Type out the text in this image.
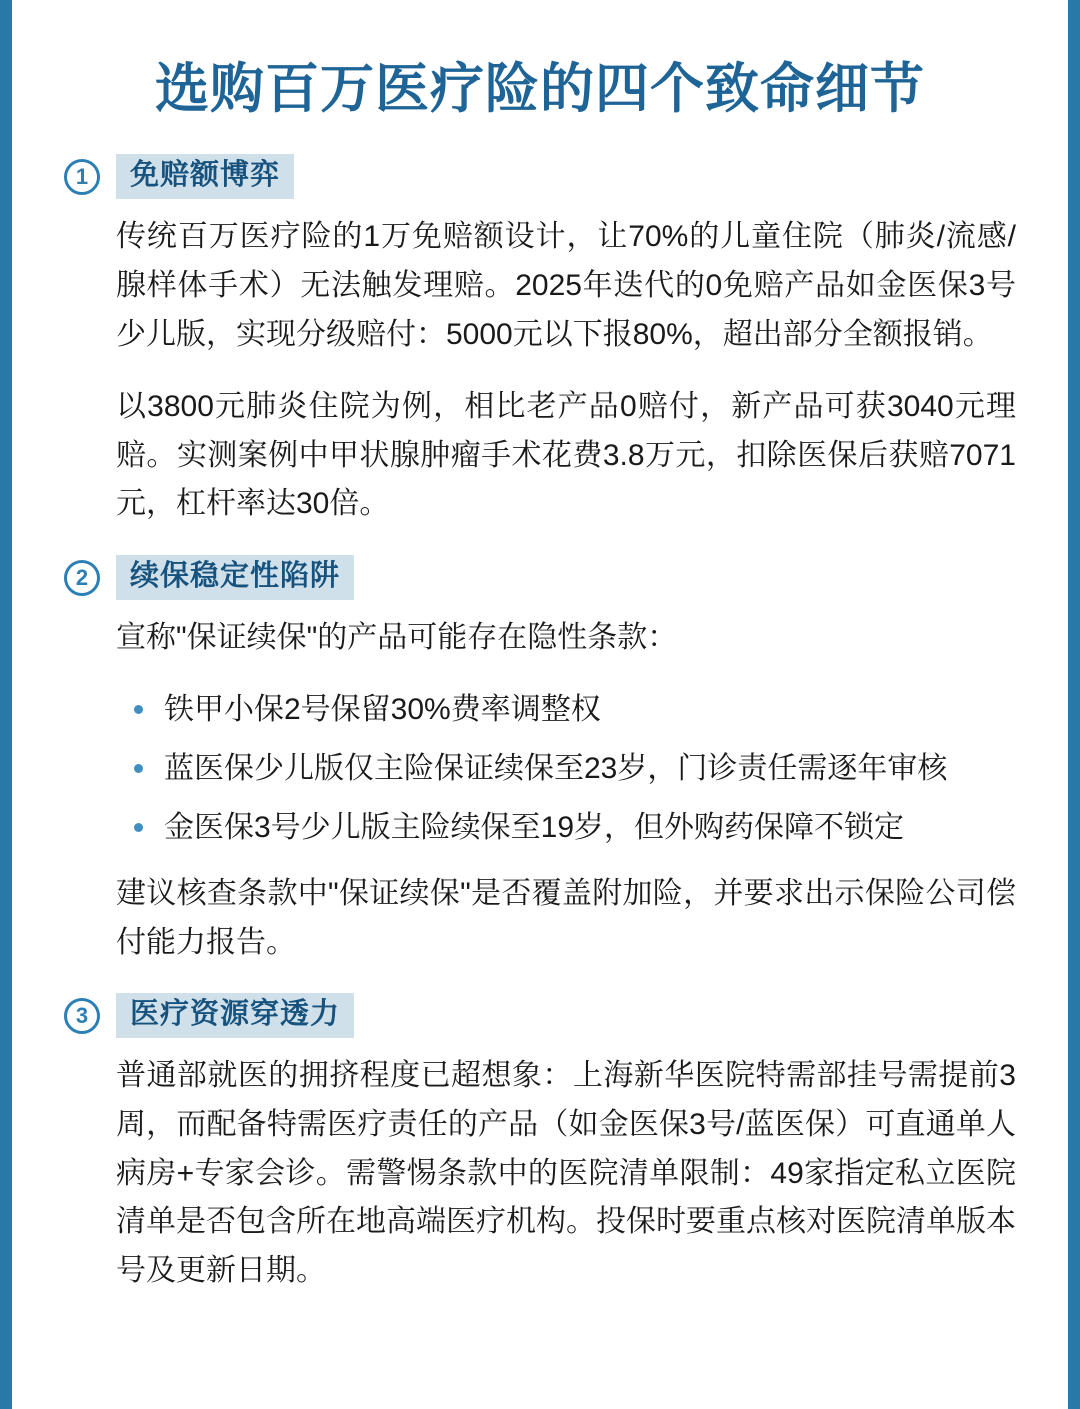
选购百万医疗险的四个致命细节
1	免赔额博弈

传统百万医疗险的1万免赔额设计，让70%的儿童住院（肺炎/流感/腺样体手术）无法触发理赔。2025年迭代的0免赔产品如金医保3号少儿版，实现分级赔付：5000元以下报80%，超出部分全额报销。

以3800元肺炎住院为例，相比老产品0赔付，新产品可获3040元理赔。实测案例中甲状腺肿瘤手术花费3.8万元，扣除医保后获赔7071元，杠杆率达30倍。

2	续保稳定性陷阱

宣称"保证续保"的产品可能存在隐性条款：

铁甲小保2号保留30%费率调整权
蓝医保少儿版仅主险保证续保至23岁，门诊责任需逐年审核
金医保3号少儿版主险续保至19岁，但外购药保障不锁定

建议核查条款中"保证续保"是否覆盖附加险，并要求出示保险公司偿付能力报告。

3	医疗资源穿透力

普通部就医的拥挤程度已超想象：上海新华医院特需部挂号需提前3周，而配备特需医疗责任的产品（如金医保3号/蓝医保）可直通单人病房+专家会诊。需警惕条款中的医院清单限制：49家指定私立医院清单是否包含所在地高端医疗机构。投保时要重点核对医院清单版本号及更新日期。
